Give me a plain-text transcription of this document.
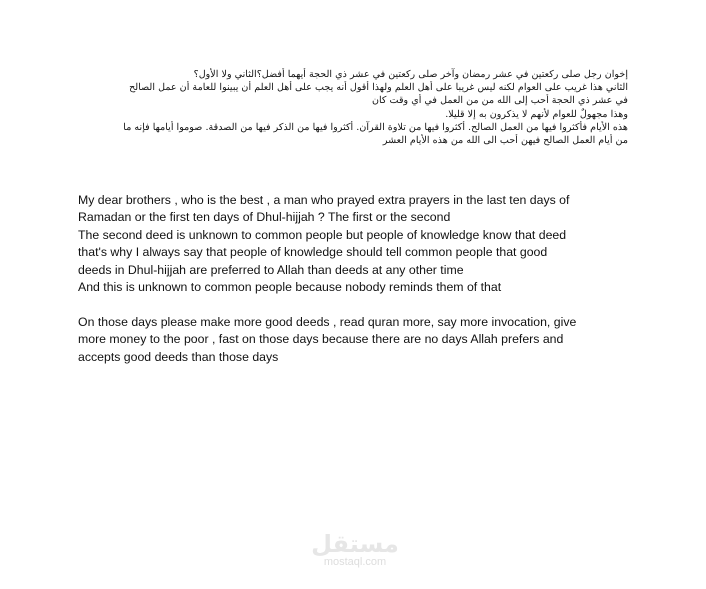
إخوان رجل صلى ركعتين في عشر رمضان وآخر صلى ركعتين في عشر ذي الحجة أيهما أفضل؟الثاني ولا الأول؟
الثاني هذا غريب على العوام لكنه ليس غريبا على أهل العلم ولهذا أقول أنه يجب على أهل العلم أن يبينوا للعامة أن عمل الصالح
في عشر ذي الحجة أحب إلى الله من من العمل في أي وقت كان
وهذا مجهولٌ للعوام لأنهم لا يذكرون به إلا قليلا.
هذه الأيام فأكثروا فيها من العمل الصالح. أكثروا فيها من تلاوة القرآن. أكثروا فيها من الذكر فيها من الصدقة. صوموا أيامها فإنه ما
من أيام العمل الصالح فيهن أحب الى الله من هذه الأيام العشر
My dear brothers , who is the best , a man who prayed extra prayers in the last ten days of
Ramadan or the first ten days of Dhul-hijjah ? The first or the second
The second deed is unknown to common people but people of knowledge know that deed
that's why I always say that people of knowledge should tell common people that good
deeds in Dhul-hijjah are preferred to Allah than deeds at any other time
And this is unknown to common people because nobody reminds them of that
On those days please make more good deeds , read quran more, say more invocation, give
more money to the poor , fast on those days because there are no days Allah prefers and
accepts good deeds than those days
مستقل
mostaql.com
